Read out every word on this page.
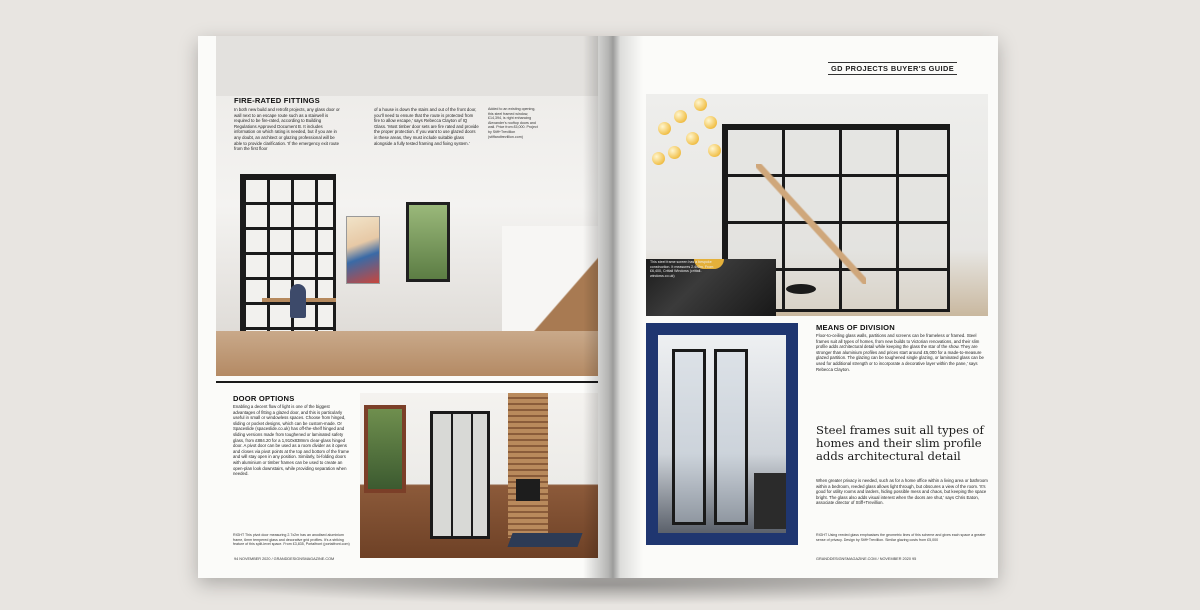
FIRE-RATED FITTINGS
In both new build and retrofit projects, any glass door or wall next to an escape route such as a stairwell is required to be fire-rated, according to Building Regulations Approved Document B. It includes information on which rating is needed, but if you are in any doubt, an architect or glazing professional will be able to provide clarification. 'If the emergency exit route from the first floor
of a house is down the stairs and out of the front door, you'll need to ensure that the route is protected from fire to allow escape,' says Rebecca Clayton of IQ Glass. 'Most timber door sets are fire rated and provide the proper protection. If you want to use glazed doors in these areas, they must include suitable glass alongside a fully tested framing and fixing system.'
Added to an existing opening, this steel framed window, £14,394, is right enhancing Alexander's rooftop doors and wall. Price from £5,000. Project by Stiff+Trevillion (stiffandtrevillion.com)
DOOR OPTIONS
Enabling a decent flow of light is one of the biggest advantages of fitting a glazed door, and this is particularly useful in small or windowless spaces. Choose from hinged, sliding or pocket designs, which can be custom-made. Or Spaceslide (spaceslide.co.uk) has off-the-shelf hinged and sliding versions made from toughened or laminated safety glass, from £884.20 for a 1,910x838mm clear-glass hinged door. A pivot door can be used as a room divider as it opens and closes via pivot points at the top and bottom of the frame and will stay open in any position. Similarly, bi-folding doors with aluminium or timber frames can be used to create an open-plan look downstairs, while providing separation when needed.
RIGHT This pivot door measuring 2.7x2m has an anodised aluminium frame, 6mm tempered glass and decorative grid profiles. It's a striking feature of this split-level space. From £3,835, Portalfront (portalfront.com)
94 NOVEMBER 2020 / GRANDDESIGNSMAGAZINE.COM
GD PROJECTS BUYER'S GUIDE
This steel frame screen has a bespoke construction. It measures 2.4x2m. From £6,400, Crittall Windows (crittall-windows.co.uk)
MEANS OF DIVISION
Floor-to-ceiling glass walls, partitions and screens can be frameless or framed. Steel frames suit all types of homes, from new builds to Victorian renovations, and their slim profile adds architectural detail while keeping the glass the star of the show. They are stronger than aluminium profiles and prices start around £5,000 for a made-to-measure glazed partition. The glazing can be toughened single glazing, or laminated glass can be used for additional strength or to incorporate a decorative layer within the pane,' says Rebecca Clayton.
Steel frames suit all types of homes and their slim profile adds architectural detail
When greater privacy is needed, such as for a home office within a living area or bathroom within a bedroom, reeded glass allows light through, but obscures a view of the room. 'It's good for utility rooms and larders, hiding possible mess and chaos, but keeping the space bright. The glass also adds visual interest when the doors are shut,' says Chris Eaton, associate director of Stiff+Trevillion.
RIGHT Using reeded glass emphasises the geometric lines of this scheme and gives each space a greater sense of privacy. Design by Stiff+Trevillion. Similar glazing costs from £5,000
GRANDDESIGNSMAGAZINE.COM / NOVEMBER 2020 95
